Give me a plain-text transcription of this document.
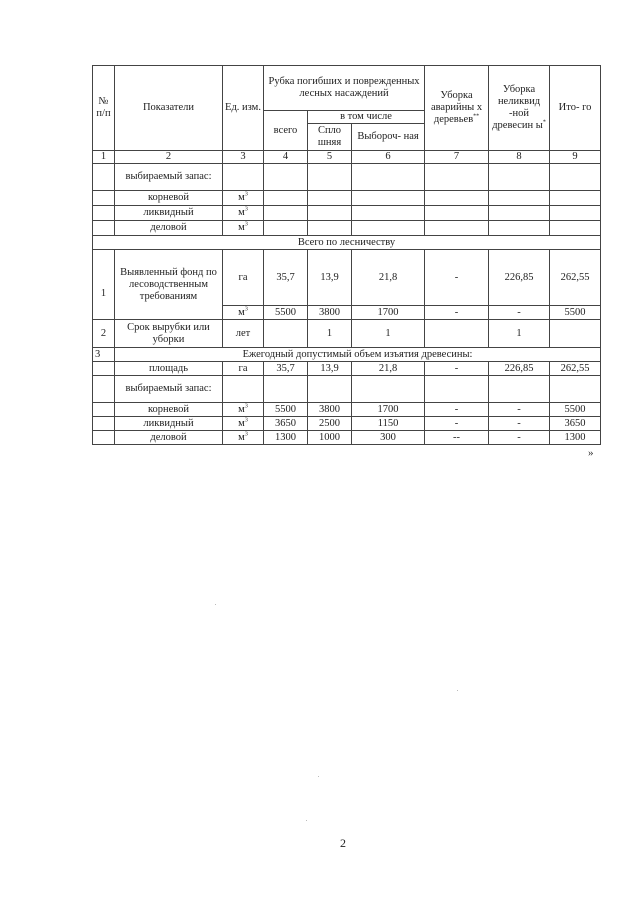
№ п/п	Показатели	Ед. изм.	Рубка погибших и поврежденных лесных насаждений			Уборка аварийны х деревьев**	Уборка неликвид -ной древесин ы*	Ито- го
			всего	в том числе				
				Спло шняя	Выбороч- ная			
1	2	3	4	5	6	7	8	9
	выбираемый запас:							
	корневой	$м^3$						
	ликвидный	$м^3$						
	деловой	$м^3$						
Всего по лесничеству								

1	Выявленный фонд по лесоводственным требованиям	га	35,7	13,9	21,8	-	226,85	262,55
		$м^3$	5500	3800	1700	-	-	5500
2	Срок вырубки или уборки	лет		1	1		1	
3	Ежегодный допустимый объем изъятия древесины:							
	площадь	га	35,7	13,9	21,8	-	226,85	262,55
	выбираемый запас:							
	корневой	$м^3$	5500	3800	1700	-	-	5500
	ликвидный	$м^3$	3650	2500	1150	-	-	3650
	деловой	$м^3$	1300	1000	300	--	-	1300
»
2
